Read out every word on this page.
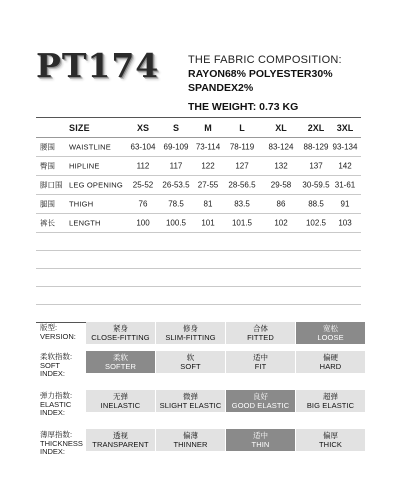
PT174	THE FABRIC COMPOSITION:
RAYON68% POLYESTER30%
SPANDEX2%
THE WEIGHT: 0.73 KG
SIZE	XS	S	M	L	XL	2XL	3XL
腰围 WAISTLINE	63-104	69-109 73-114	78-119	83-124	88-129 93-134
臀围 HIPLINE	112	117	122	127	132	137	142
脚口围 LEG OPENING	25-52	26-53.5	27-55	28-56.5	29-58	30-59.5 31-61
腿围 THIGH	76	78.5	81	83.5	86	88.5	91
裤长 LENGTH	100	100.5	101	101.5	102	102.5	103
版型:
VERSION:
紧身
CLOSE-FITTING
修身
SLIM-FITTING
合体
FITTED
宽松
LOOSE
柔软指数:
SOFT INDEX:
柔软
SOFTER
软
SOFT
适中
FIT
偏硬
HARD
弹力指数:
ELASTIC INDEX:
无弹
INELASTIC
微弹
SLIGHT ELASTIC
良好
GOOD ELASTIC
超弹
BIG ELASTIC
薄厚指数:
THICKNESS INDEX:
透视
TRANSPARENT
偏薄
THINNER
适中
THIN
偏厚
THICK
